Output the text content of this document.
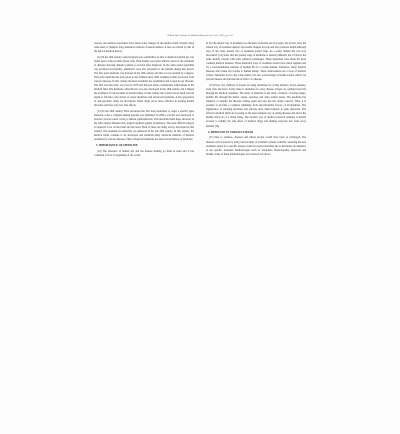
R.Rose Int'l Journal of Medical Research Vol. 1(1), 2012, pp. 1-8

reasons, the medical researchers have made some changes in the medical field, thereby using some kind of chemical drug substances instead of natural method. A new era started by this in the field of medical history.

[12] In the 19th century some hospitals were established. At first a chemical material gas was found and it reduced white blood cells. Then insulin was found which is used for the treatment of diabetes showing diabetic patients to survive after diagnosis. In the same period penicillin was produced successfully. Antibiotics were also prevented to the patients during that period. The first polio medicine was licensed in the 19th century and this act was reached by congress. This polio medicine has been given to the children since 1950 resulting in their protection from various diseases. In this century the heart treatment has established and is used in eye disorder. The first test tube baby was born in 1978 and this has made a remarkable achievement in the medical field. The medicine called Prozac was also developed in the 19th century and it helped the treatment of various kinds of mental illness. In this century the overall cancer death rate has begun to fall due to the arrival of cancer medicines and advanced treatments. A new generation of anti-psychotic drugs are introduced. These drugs prove more effective in treating mental disorders and have very few side effects.

[13] In the 20th century FDA developed the first drug medicines to target a specific gene mutation. Later a complete human genome was published. In 2006 a vaccine was developed to prevent cervical cancer owing to human papillomavirus. This medicine made huge advances in the 20th century. Besides that, surgical methods gained prominence. The most difficult surgery is expected to be on the brain and the heart. Both of these are being slowly developed in this century. The treatment for infertility are enhanced in the late 20th century. In this century, the medical fields continue to be developed and establish many advanced methods of medical treatment for various diseases. These advanced treatments are based on the history of medicine.

3. IMPORTANCE OF MEDICINE

[14] The existence of human life and the disease striking go hand in hand and it has continued to flow. In beginning of the world,

in fact the natural way of treatment was the most preferable one by people, but in later years the natural way of treatment delivers favourable changes in body and also promotes health although days of the cures, natural way of treatment doesn't help. As a result, human life was very disordered. [14] states that the present stage of medicine is entirely different, but it follows the same ancient concept with some chemical advantages. These medicines were made the most common medical diseases. These medicinal ways of treatment doesn't have much regimen and it's a well-established standard of healing life in a certain manner. Therefore, many medical diseases don't make any trouble to human beings. These achievements are a boon of medical science. Medicine is not only some matter, but also is knowledge in health science which can prevent disease and alleviate the ill effect of a disease.

[15] Every day, millions of people are using medicines for curing diabetes, blood pressure, body pain and fever. Today there is medicine for every disease. People are getting better life through the medical treatment. The study of medicine is the study of history of living beings, healthy life through the habits, sleeps, exercises and other related issues. The medicine has tendency to identify the diseases arising again and also has the curing capacity. Thus, it is possible to provide a complete immunity from uncontrollable factors of environment. The significance of studying medicine and striving more improvements is quite important. The efforts in medical fields are focusing on the best treatment way of curing diseases and add to the healthy lifecycle of a living being. The modern way of medical research attempts is mainly focused to solidify the side effect of medical drugs and making everyone free from every mistake [16].

4. MEDICINE IN VARIOUS FIELDS

[17] Due to sickness, diseases and illness people would have been so privileged. The diseases can be treated by using various kinds of treatment options available. Selecting the best treatment option for a specific disease would be worth coinciding due to the merits and demerits of the specific treatment methodologies such as Allopathic, Homoeopathy, Ayurveda and Siddha. Some of these methodologies are reviewed as follows.
